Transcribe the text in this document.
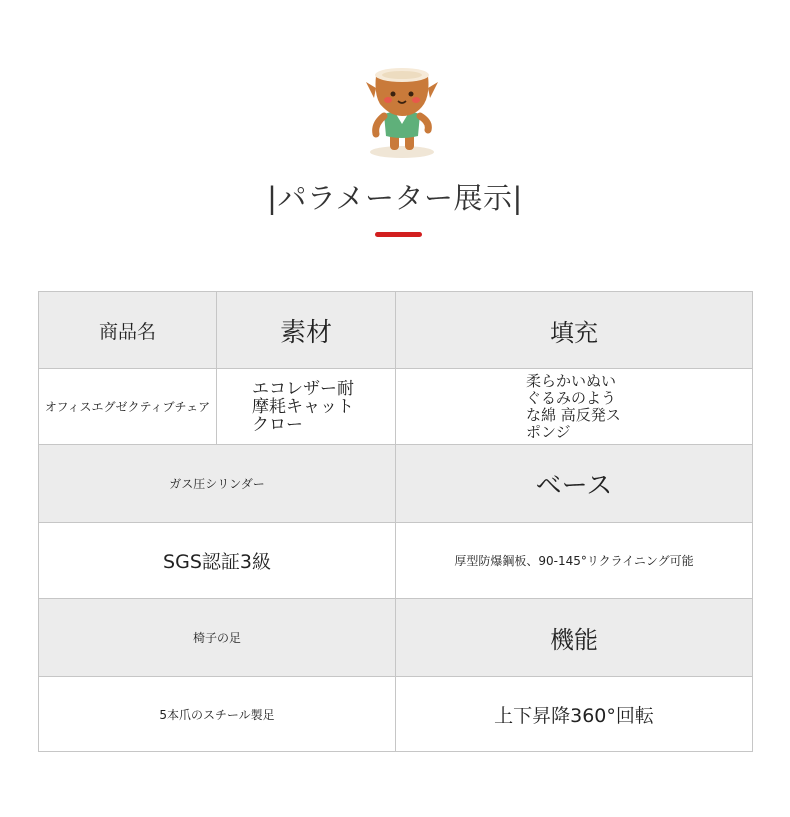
|パラメーター展示|
商品名	素材	填充
オフィスエグゼクティブチェア	エコレザー耐摩耗キャットクロー	柔らかいぬいぐるみのような綿 高反発スポンジ
ガス圧シリンダー		ベース
SGS認証3級		厚型防爆鋼板、90-145°リクライニング可能
椅子の足		機能
5本爪のスチール製足		上下昇降360°回転
